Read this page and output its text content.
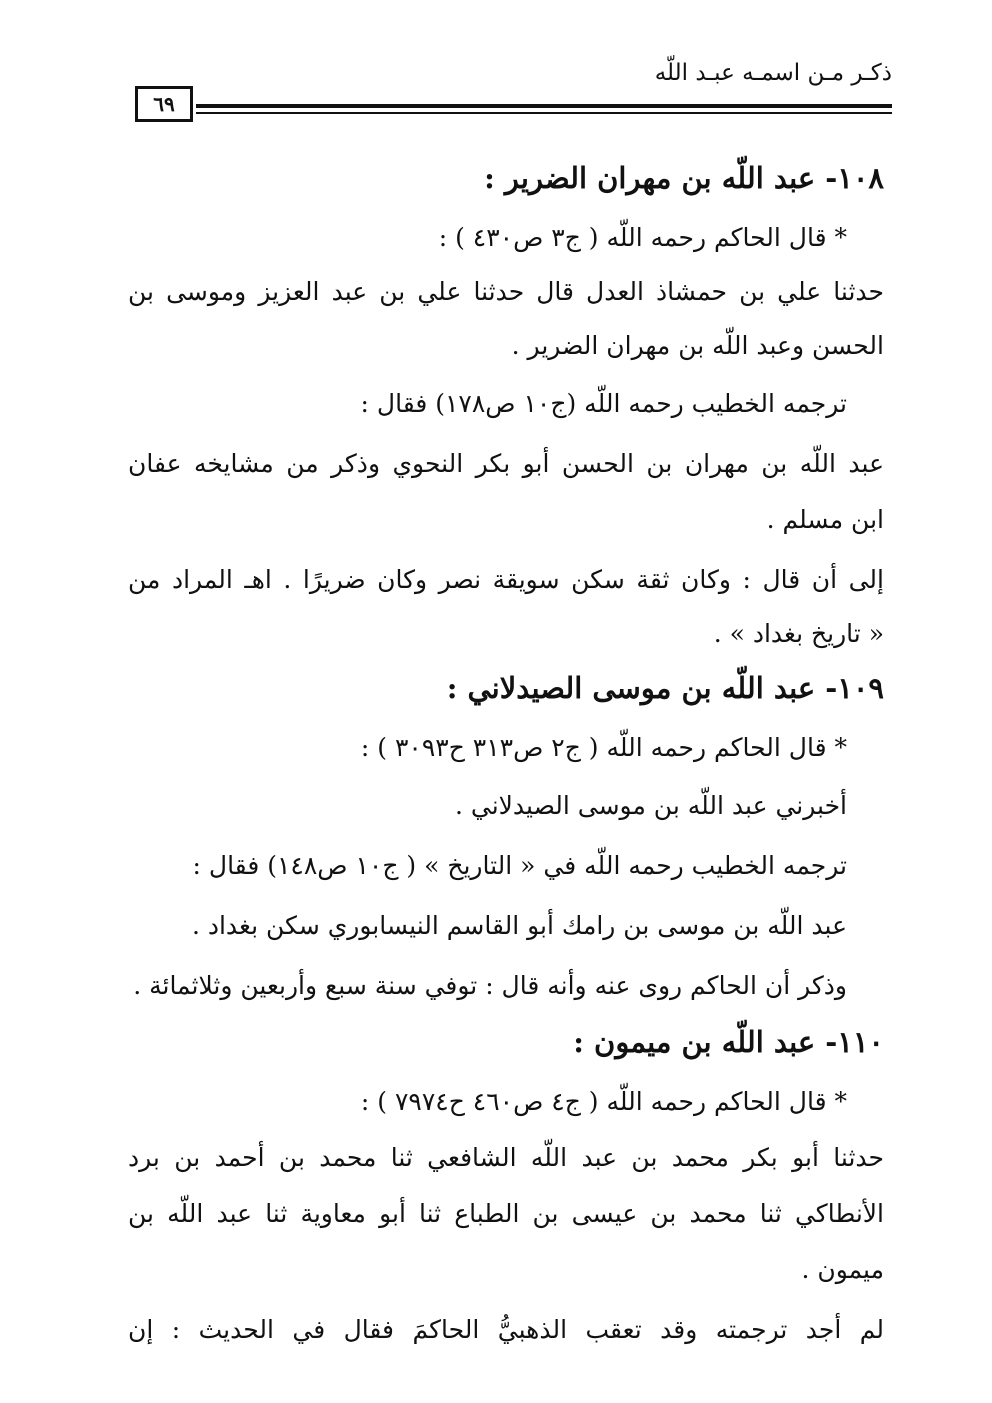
ذكـر مـن اسمـه عبـد اللّه
٦٩
١٠٨- عبد اللّه بن مهران الضرير :
* قال الحاكم رحمه اللّه ( ج٣ ص٤٣٠ ) :
حدثنا علي بن حمشاذ العدل قال حدثنا علي بن عبد العزيز وموسى بن
الحسن وعبد اللّه بن مهران الضرير .
ترجمه الخطيب رحمه اللّه (ج١٠ ص١٧٨) فقال :
عبد اللّه بن مهران بن الحسن أبو بكر النحوي وذكر من مشايخه عفان
ابن مسلم .
إلى أن قال : وكان ثقة سكن سويقة نصر وكان ضريرًا . اهـ المراد من
« تاريخ بغداد » .
١٠٩- عبد اللّه بن موسى الصيدلاني :
* قال الحاكم رحمه اللّه ( ج٢ ص٣١٣ ح٣٠٩٣ ) :
أخبرني عبد اللّه بن موسى الصيدلاني .
ترجمه الخطيب رحمه اللّه في « التاريخ » ( ج١٠ ص١٤٨) فقال :
عبد اللّه بن موسى بن رامك أبو القاسم النيسابوري سكن بغداد .
وذكر أن الحاكم روى عنه وأنه قال : توفي سنة سبع وأربعين وثلاثمائة .
١١٠- عبد اللّه بن ميمون :
* قال الحاكم رحمه اللّه ( ج٤ ص٤٦٠ ح٧٩٧٤ ) :
حدثنا أبو بكر محمد بن عبد اللّه الشافعي ثنا محمد بن أحمد بن برد
الأنطاكي ثنا محمد بن عيسى بن الطباع ثنا أبو معاوية ثنا عبد اللّه بن
ميمون .
لم أجد ترجمته وقد تعقب الذهبيُّ الحاكمَ فقال في الحديث : إن
